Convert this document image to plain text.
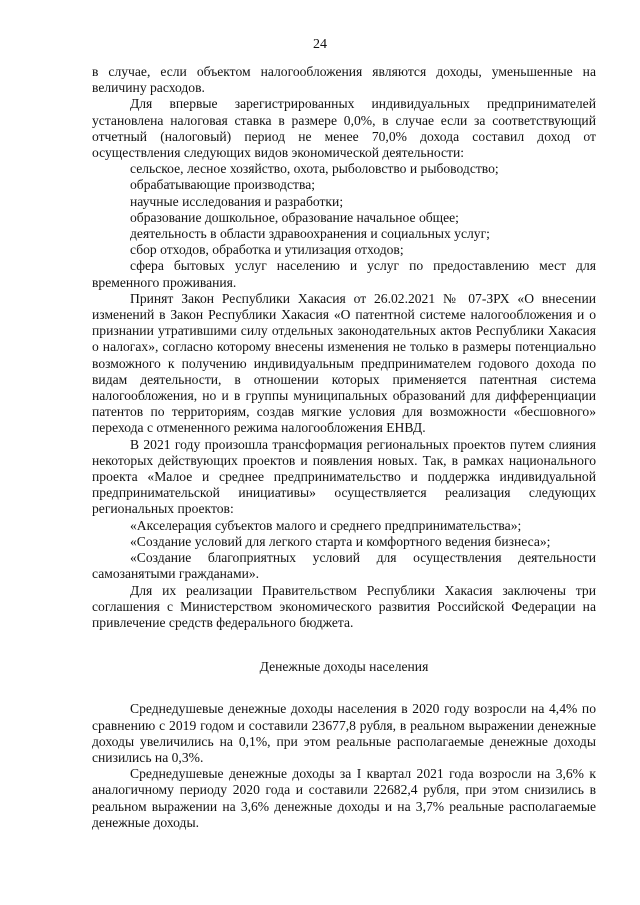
24

в случае, если объектом налогообложения являются доходы, уменьшенные на величину расходов.

Для впервые зарегистрированных индивидуальных предпринимателей установлена налоговая ставка в размере 0,0%, в случае если за соответствующий отчетный (налоговый) период не менее 70,0% дохода составил доход от осуществления следующих видов экономической деятельности:

сельское, лесное хозяйство, охота, рыболовство и рыбоводство;

обрабатывающие производства;

научные исследования и разработки;

образование дошкольное, образование начальное общее;

деятельность в области здравоохранения и социальных услуг;

сбор отходов, обработка и утилизация отходов;

сфера бытовых услуг населению и услуг по предоставлению мест для временного проживания.

Принят Закон Республики Хакасия от 26.02.2021 № 07-ЗРХ «О внесении изменений в Закон Республики Хакасия «О патентной системе налогообложения и о признании утратившими силу отдельных законодательных актов Республики Хакасия о налогах», согласно которому внесены изменения не только в размеры потенциально возможного к получению индивидуальным предпринимателем годового дохода по видам деятельности, в отношении которых применяется патентная система налогообложения, но и в группы муниципальных образований для дифференциации патентов по территориям, создав мягкие условия для возможности «бесшовного» перехода с отмененного режима налогообложения ЕНВД.

В 2021 году произошла трансформация региональных проектов путем слияния некоторых действующих проектов и появления новых. Так, в рамках национального проекта «Малое и среднее предпринимательство и поддержка индивидуальной предпринимательской инициативы» осуществляется реализация следующих региональных проектов:

«Акселерация субъектов малого и среднего предпринимательства»;

«Создание условий для легкого старта и комфортного ведения бизнеса»;

«Создание благоприятных условий для осуществления деятельности самозанятыми гражданами».

Для их реализации Правительством Республики Хакасия заключены три соглашения с Министерством экономического развития Российской Федерации на привлечение средств федерального бюджета.

Денежные доходы населения

Среднедушевые денежные доходы населения в 2020 году возросли на 4,4% по сравнению с 2019 годом и составили 23677,8 рубля, в реальном выражении денежные доходы увеличились на 0,1%, при этом реальные располагаемые денежные доходы снизились на 0,3%.

Среднедушевые денежные доходы за I квартал 2021 года возросли на 3,6% к аналогичному периоду 2020 года и составили 22682,4 рубля, при этом снизились в реальном выражении на 3,6% денежные доходы и на 3,7% реальные располагаемые денежные доходы.
